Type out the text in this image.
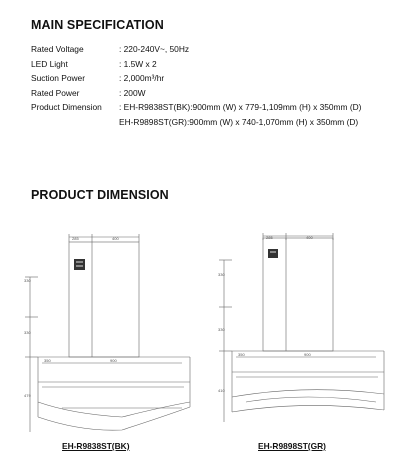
MAIN SPECIFICATION
Rated Voltage	: 220-240V~, 50Hz
LED Light	: 1.5W x 2
Suction Power	: 2,000m³/hr
Rated Power	: 200W
Product Dimension	: EH-R9838ST(BK):900mm (W) x 779-1,109mm (H) x 350mm (D)
EH-R9898ST(GR):900mm (W) x 740-1,070mm (H) x 350mm (D)
PRODUCT DIMENSION
285	400
330
330
479
350	900
EH-R9838ST(BK)
285	400
330
330
410
350	900
EH-R9898ST(GR)
